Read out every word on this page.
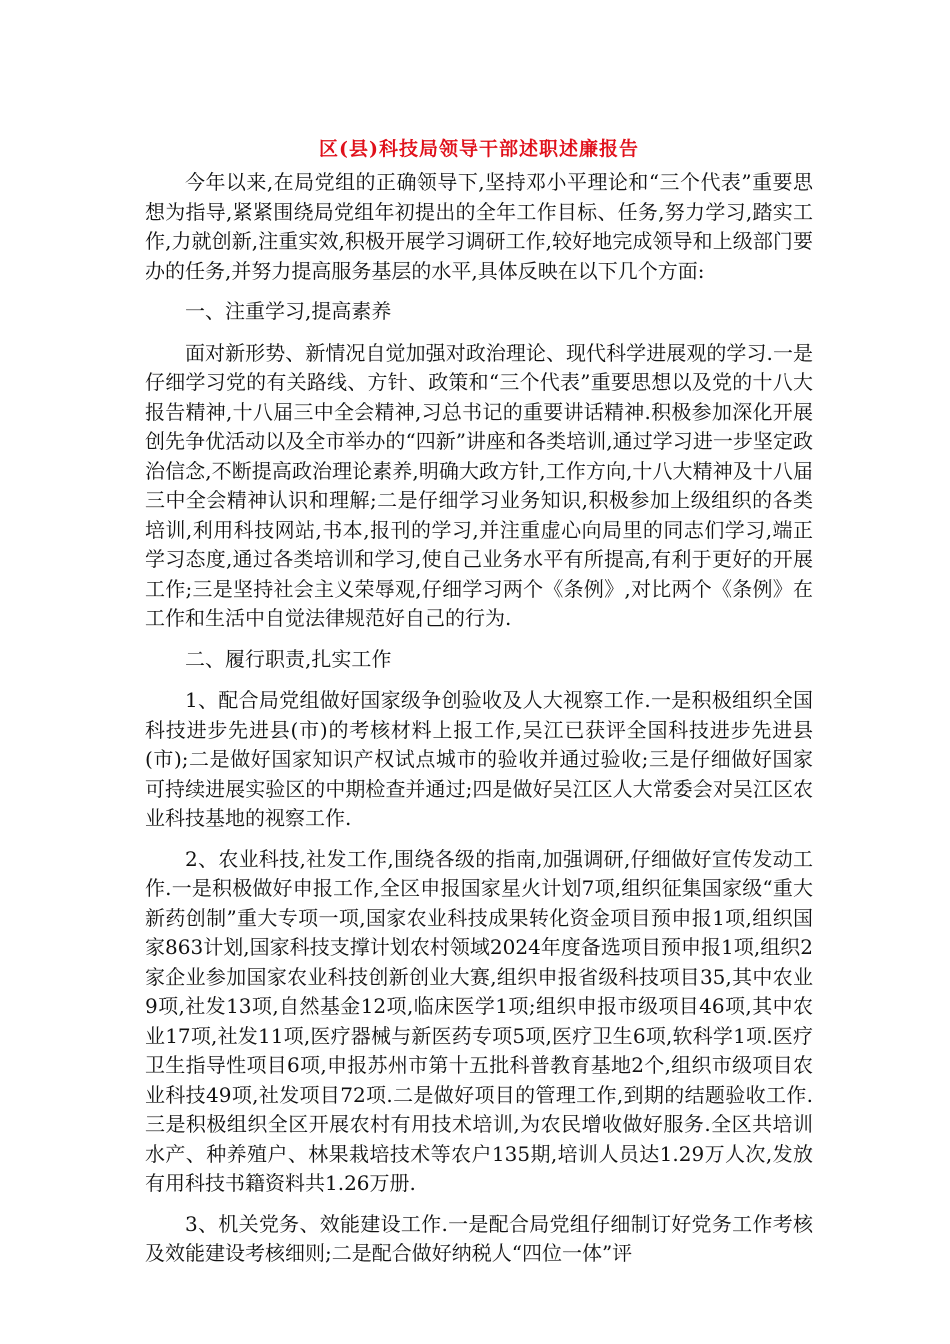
区(县)科技局领导干部述职述廉报告

今年以来,在局党组的正确领导下,坚持邓小平理论和“三个代表”重要思想为指导,紧紧围绕局党组年初提出的全年工作目标、任务,努力学习,踏实工作,力就创新,注重实效,积极开展学习调研工作,较好地完成领导和上级部门要办的任务,并努力提高服务基层的水平,具体反映在以下几个方面:

一、注重学习,提高素养

面对新形势、新情况自觉加强对政治理论、现代科学进展观的学习.一是仔细学习党的有关路线、方针、政策和“三个代表”重要思想以及党的十八大报告精神,十八届三中全会精神,习总书记的重要讲话精神.积极参加深化开展创先争优活动以及全市举办的“四新”讲座和各类培训,通过学习进一步坚定政治信念,不断提高政治理论素养,明确大政方针,工作方向,十八大精神及十八届三中全会精神认识和理解;二是仔细学习业务知识,积极参加上级组织的各类培训,利用科技网站,书本,报刊的学习,并注重虚心向局里的同志们学习,端正学习态度,通过各类培训和学习,使自己业务水平有所提高,有利于更好的开展工作;三是坚持社会主义荣辱观,仔细学习两个《条例》,对比两个《条例》在工作和生活中自觉法律规范好自己的行为.

二、履行职责,扎实工作

1、配合局党组做好国家级争创验收及人大视察工作.一是积极组织全国科技进步先进县(市)的考核材料上报工作,吴江已获评全国科技进步先进县(市);二是做好国家知识产权试点城市的验收并通过验收;三是仔细做好国家可持续进展实验区的中期检查并通过;四是做好吴江区人大常委会对吴江区农业科技基地的视察工作.

2、农业科技,社发工作,围绕各级的指南,加强调研,仔细做好宣传发动工作.一是积极做好申报工作,全区申报国家星火计划7项,组织征集国家级“重大新药创制”重大专项一项,国家农业科技成果转化资金项目预申报1项,组织国家863计划,国家科技支撑计划农村领域2024年度备选项目预申报1项,组织2家企业参加国家农业科技创新创业大赛,组织申报省级科技项目35,其中农业9项,社发13项,自然基金12项,临床医学1项;组织申报市级项目46项,其中农业17项,社发11项,医疗器械与新医药专项5项,医疗卫生6项,软科学1项.医疗卫生指导性项目6项,申报苏州市第十五批科普教育基地2个,组织市级项目农业科技49项,社发项目72项.二是做好项目的管理工作,到期的结题验收工作.三是积极组织全区开展农村有用技术培训,为农民增收做好服务.全区共培训水产、种养殖户、林果栽培技术等农户135期,培训人员达1.29万人次,发放有用科技书籍资料共1.26万册.

3、机关党务、效能建设工作.一是配合局党组仔细制订好党务工作考核及效能建设考核细则;二是配合做好纳税人“四位一体”评
